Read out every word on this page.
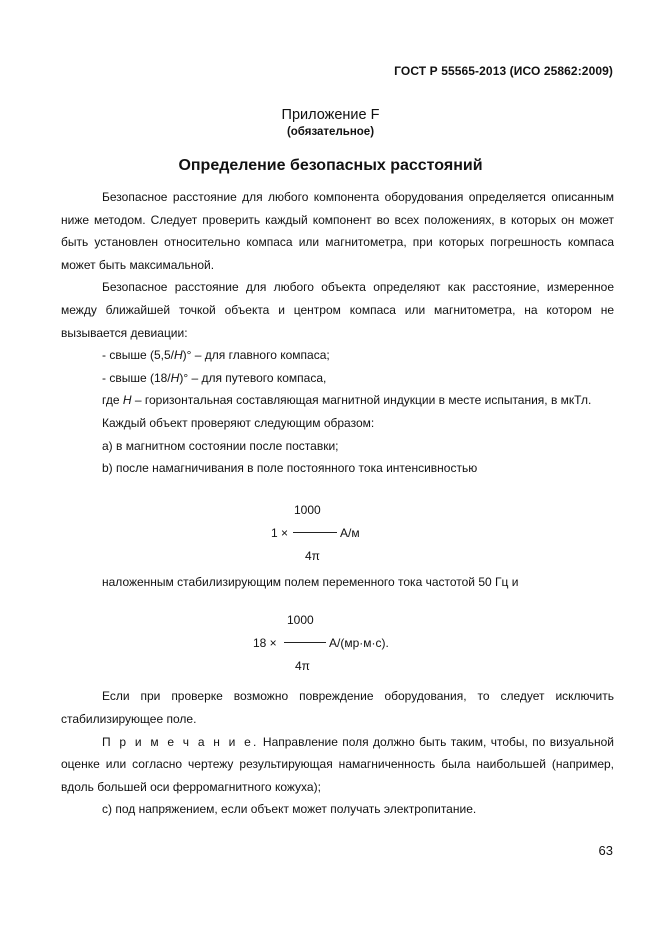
ГОСТ Р 55565-2013 (ИСО 25862:2009)
Приложение F
(обязательное)
Определение безопасных расстояний

Безопасное расстояние для любого компонента оборудования определяется описанным ниже методом. Следует проверить каждый компонент во всех положениях, в которых он может быть установлен относительно компаса или магнитометра, при которых погрешность компаса может быть максимальной.

Безопасное расстояние для любого объекта определяют как расстояние, измеренное между ближайшей точкой объекта и центром компаса или магнитометра, на котором не вызывается девиации:

- свыше (5,5/H)° – для главного компаса;

- свыше (18/H)° – для путевого компаса,

где H – горизонтальная составляющая магнитной индукции в месте испытания, в мкТл.

Каждый объект проверяют следующим образом:

а) в магнитном состоянии после поставки;

b) после намагничивания в поле постоянного тока интенсивностью

1000
1 ×	А/м
4π

наложенным стабилизирующим полем переменного тока частотой 50 Гц и

1000
18 ×	А/(мр·м·с).
4π

Если при проверке возможно повреждение оборудования, то следует исключить стабилизирующее поле.

П р и м е ч а н и е. Направление поля должно быть таким, чтобы, по визуальной оценке или согласно чертежу результирующая намагниченность была наибольшей (например, вдоль большей оси ферромагнитного кожуха);

с) под напряжением, если объект может получать электропитание.

63
